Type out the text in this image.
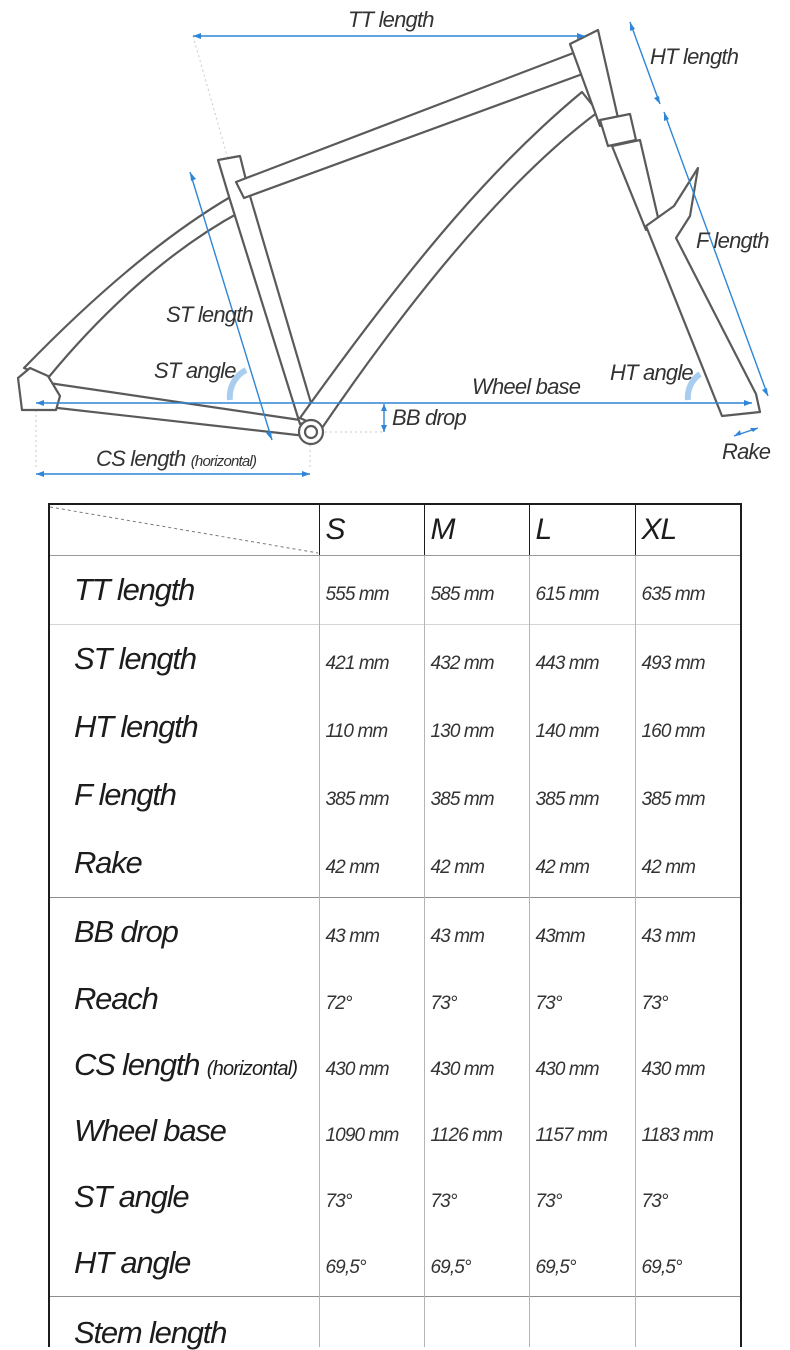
TT length
HT length
F length
ST length
ST angle
Wheel base
HT angle
BB drop
CS length (horizontal)	Rake
	S	M	L	XL
TT length	555 mm	585 mm	615 mm	635 mm
ST length	421 mm	432 mm	443 mm	493 mm
HT length	110 mm	130 mm	140 mm	160 mm
F length	385 mm	385 mm	385 mm	385 mm
Rake	42 mm	42 mm	42 mm	42 mm
BB drop	43 mm	43 mm	43mm	43 mm
Reach	72°	73°	73°	73°
CS length (horizontal)	430 mm	430 mm	430 mm	430 mm
Wheel base	1090 mm	1126 mm	1157 mm	1183 mm
ST angle	73°	73°	73°	73°
HT angle	69,5°	69,5°	69,5°	69,5°
Stem length				
